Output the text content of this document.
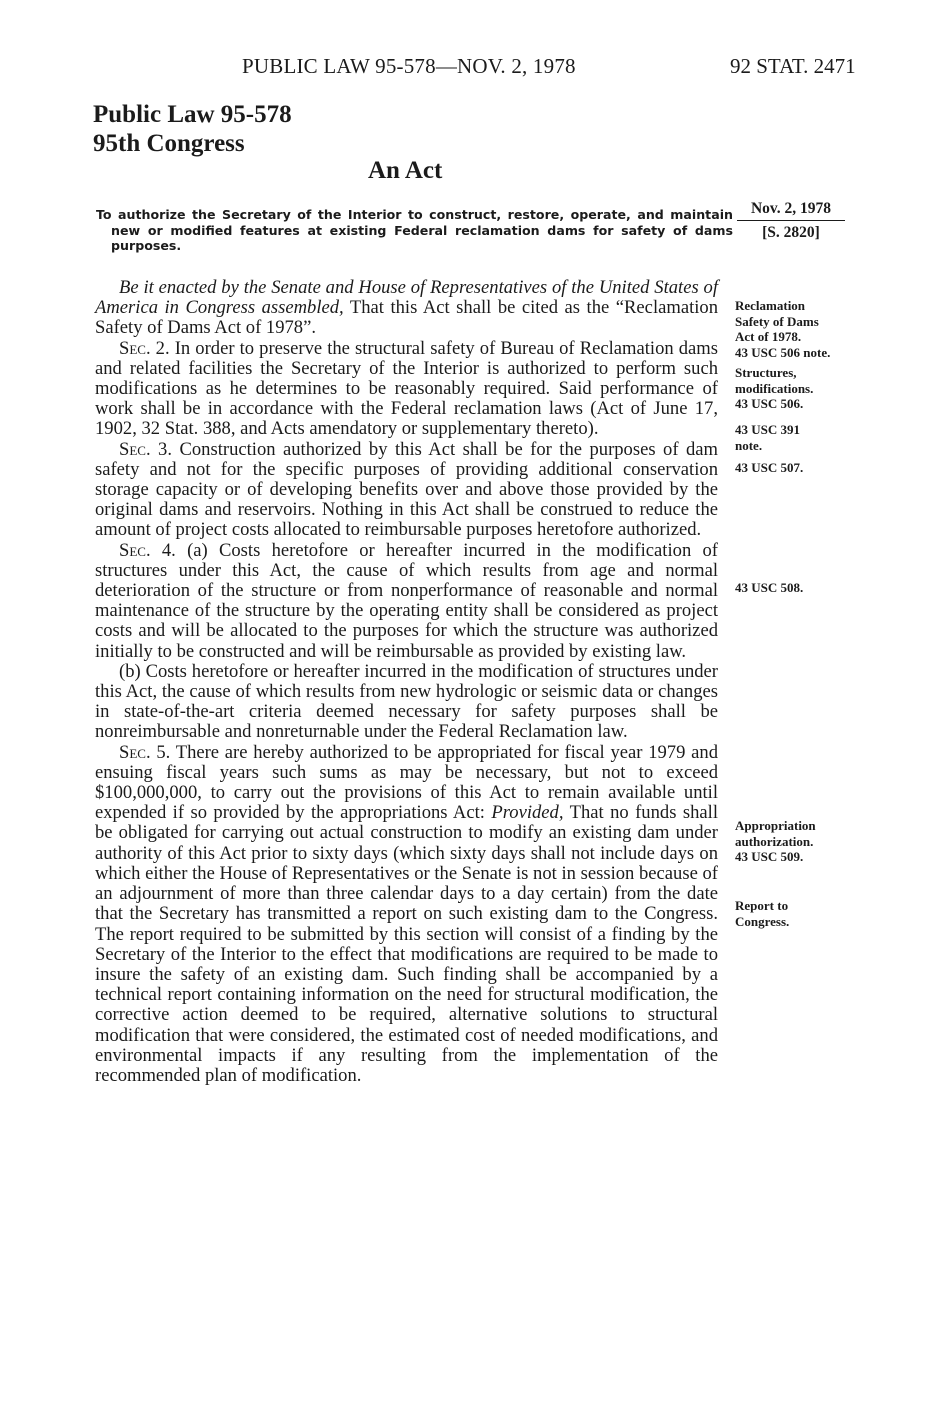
PUBLIC LAW 95-578—NOV. 2, 1978	92 STAT. 2471
Public Law 95-578
95th Congress
An Act
To authorize the Secretary of the Interior to construct, restore, operate, and maintain new or modified features at existing Federal reclamation dams for safety of dams purposes.
Nov. 2, 1978
[S. 2820]

Be it enacted by the Senate and House of Representatives of the United States of America in Congress assembled, That this Act shall be cited as the “Reclamation Safety of Dams Act of 1978”.

Sec. 2. In order to preserve the structural safety of Bureau of Reclamation dams and related facilities the Secretary of the Interior is authorized to perform such modifications as he determines to be reasonably required. Said performance of work shall be in accordance with the Federal reclamation laws (Act of June 17, 1902, 32 Stat. 388, and Acts amendatory or supplementary thereto).

Sec. 3. Construction authorized by this Act shall be for the purposes of dam safety and not for the specific purposes of providing additional conservation storage capacity or of developing benefits over and above those provided by the original dams and reservoirs. Nothing in this Act shall be construed to reduce the amount of project costs allocated to reimbursable purposes heretofore authorized.

Sec. 4. (a) Costs heretofore or hereafter incurred in the modification of structures under this Act, the cause of which results from age and normal deterioration of the structure or from nonperformance of reasonable and normal maintenance of the structure by the operating entity shall be considered as project costs and will be allocated to the purposes for which the structure was authorized initially to be constructed and will be reimbursable as provided by existing law.

(b) Costs heretofore or hereafter incurred in the modification of structures under this Act, the cause of which results from new hydrologic or seismic data or changes in state-of-the-art criteria deemed necessary for safety purposes shall be nonreimbursable and nonreturnable under the Federal Reclamation law.

Sec. 5. There are hereby authorized to be appropriated for fiscal year 1979 and ensuing fiscal years such sums as may be necessary, but not to exceed $100,000,000, to carry out the provisions of this Act to remain available until expended if so provided by the appropriations Act: Provided, That no funds shall be obligated for carrying out actual construction to modify an existing dam under authority of this Act prior to sixty days (which sixty days shall not include days on which either the House of Representatives or the Senate is not in session because of an adjournment of more than three calendar days to a day certain) from the date that the Secretary has transmitted a report on such existing dam to the Congress. The report required to be submitted by this section will consist of a finding by the Secretary of the Interior to the effect that modifications are required to be made to insure the safety of an existing dam. Such finding shall be accompanied by a technical report containing information on the need for structural modification, the corrective action deemed to be required, alternative solutions to structural modification that were considered, the estimated cost of needed modifications, and environmental impacts if any resulting from the implementation of the recommended plan of modification.

Reclamation
Safety of Dams
Act of 1978.
43 USC 506 note.
Structures,
modifications.
43 USC 506.
43 USC 391
note.
43 USC 507.
43 USC 508.
Appropriation
authorization.
43 USC 509.
Report to
Congress.
